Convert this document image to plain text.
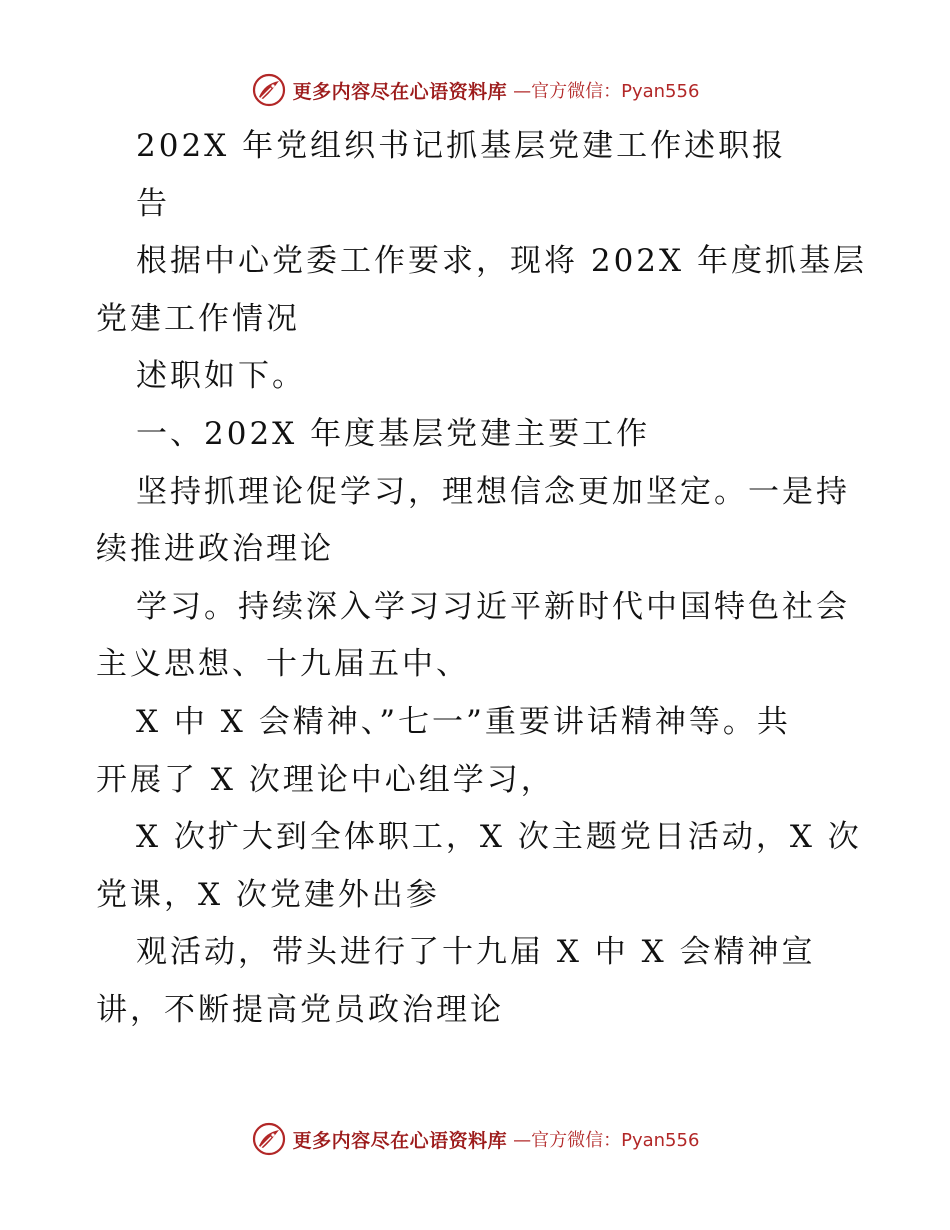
更多内容尽在心语资料库 —官方微信：Pyan556
202X 年党组织书记抓基层党建工作述职报
告
根据中心党委工作要求，现将 202X 年度抓基层
党建工作情况
述职如下。
一、202X 年度基层党建主要工作
坚持抓理论促学习，理想信念更加坚定。一是持
续推进政治理论
学习。持续深入学习习近平新时代中国特色社会
主义思想、十九届五中、
X 中 X 会精神、”七一”重要讲话精神等。共
开展了 X 次理论中心组学习，
X 次扩大到全体职工，X 次主题党日活动，X 次
党课，X 次党建外出参
观活动，带头进行了十九届 X 中 X 会精神宣
讲，不断提高党员政治理论
更多内容尽在心语资料库 —官方微信：Pyan556
